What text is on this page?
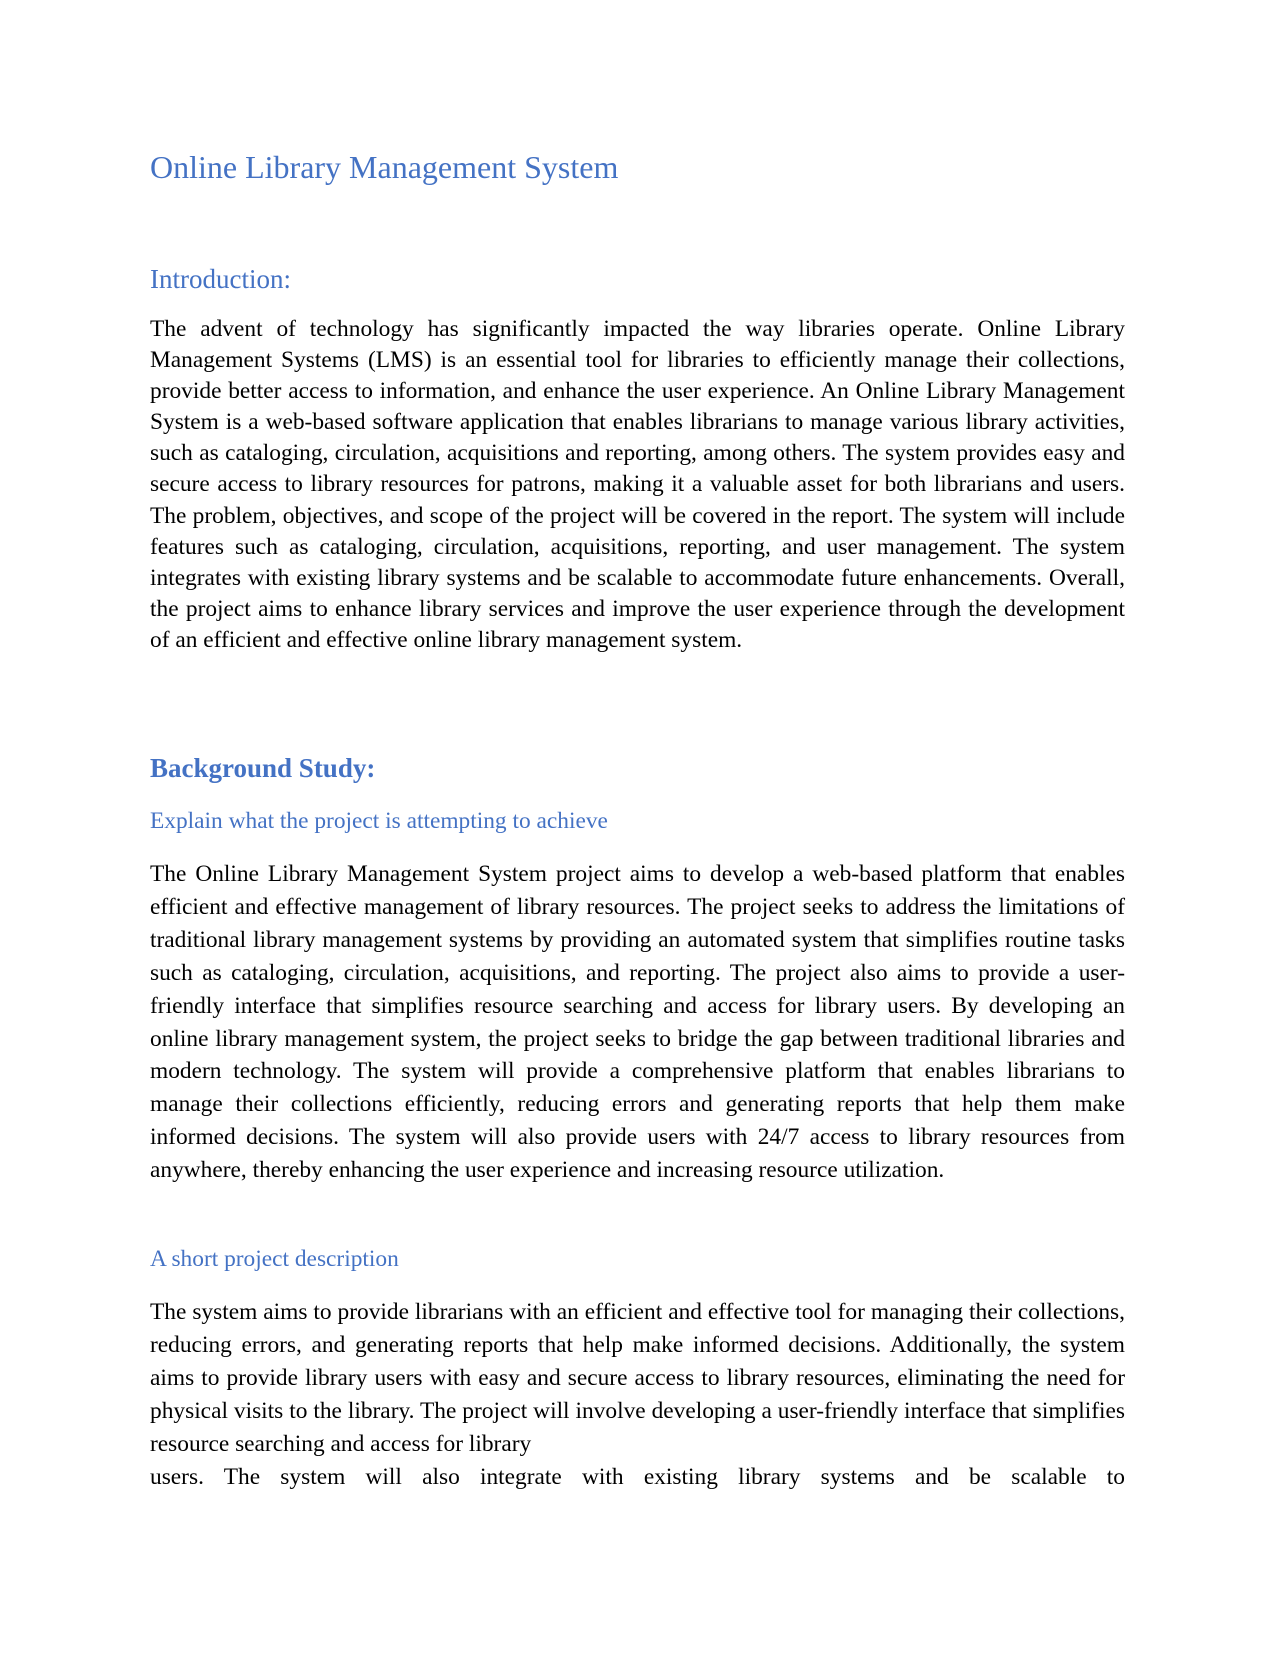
Online Library Management System
Introduction:

The advent of technology has significantly impacted the way libraries operate. Online Library Management Systems (LMS) is an essential tool for libraries to efficiently manage their collections, provide better access to information, and enhance the user experience. An Online Library Management System is a web-based software application that enables librarians to manage various library activities, such as cataloging, circulation, acquisitions and reporting, among others. The system provides easy and secure access to library resources for patrons, making it a valuable asset for both librarians and users. The problem, objectives, and scope of the project will be covered in the report. The system will include features such as cataloging, circulation, acquisitions, reporting, and user management. The system integrates with existing library systems and be scalable to accommodate future enhancements. Overall, the project aims to enhance library services and improve the user experience through the development of an efficient and effective online library management system.

Background Study:
Explain what the project is attempting to achieve

The Online Library Management System project aims to develop a web-based platform that enables efficient and effective management of library resources. The project seeks to address the limitations of traditional library management systems by providing an automated system that simplifies routine tasks such as cataloging, circulation, acquisitions, and reporting. The project also aims to provide a user-friendly interface that simplifies resource searching and access for library users. By developing an online library management system, the project seeks to bridge the gap between traditional libraries and modern technology. The system will provide a comprehensive platform that enables librarians to manage their collections efficiently, reducing errors and generating reports that help them make informed decisions. The system will also provide users with 24/7 access to library resources from anywhere, thereby enhancing the user experience and increasing resource utilization.

A short project description
The system aims to provide librarians with an efficient and effective tool for managing their collections, reducing errors, and generating reports that help make informed decisions. Additionally, the system aims to provide library users with easy and secure access to library resources, eliminating the need for physical visits to the library. The project will involve developing a user-friendly interface that simplifies resource searching and access for library
users. The system will also integrate with existing library systems and be scalable to
